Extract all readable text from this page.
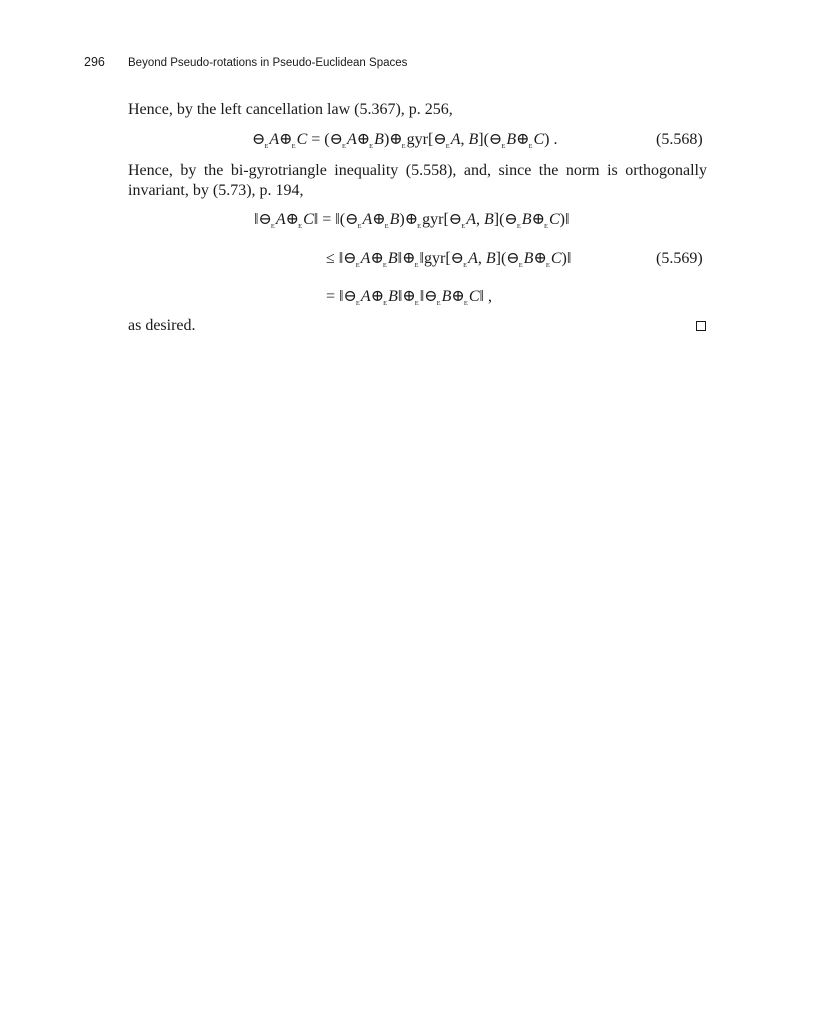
296 Beyond Pseudo-rotations in Pseudo-Euclidean Spaces
Hence, by the left cancellation law (5.367), p. 256,
$⊖_EA\oplus_EC$ = $(⊖_EA\oplus_EB)\oplus_Egyr[⊖_EA$, $B](⊖_EB\oplus_EC)$ .	(5.568)
Hence, by the bi-gyrotriangle inequality (5.558), and, since the norm is orthogonally
invariant, by (5.73), p. 194,
$‖⊖_EA\oplus_EC‖$ = $‖(⊖_EA\oplus_EB)\oplus_Egyr[⊖_EA$, $B](⊖_EB\oplus_EC)‖$
≤ $‖⊖_EA\oplus_EB‖\oplus_E‖gyr[⊖_EA$, $B](⊖_EB\oplus_EC)‖$	(5.569)
= $‖⊖_EA\oplus_EB‖\oplus_E‖⊖_EB\oplus_EC‖$ ,
as desired.
